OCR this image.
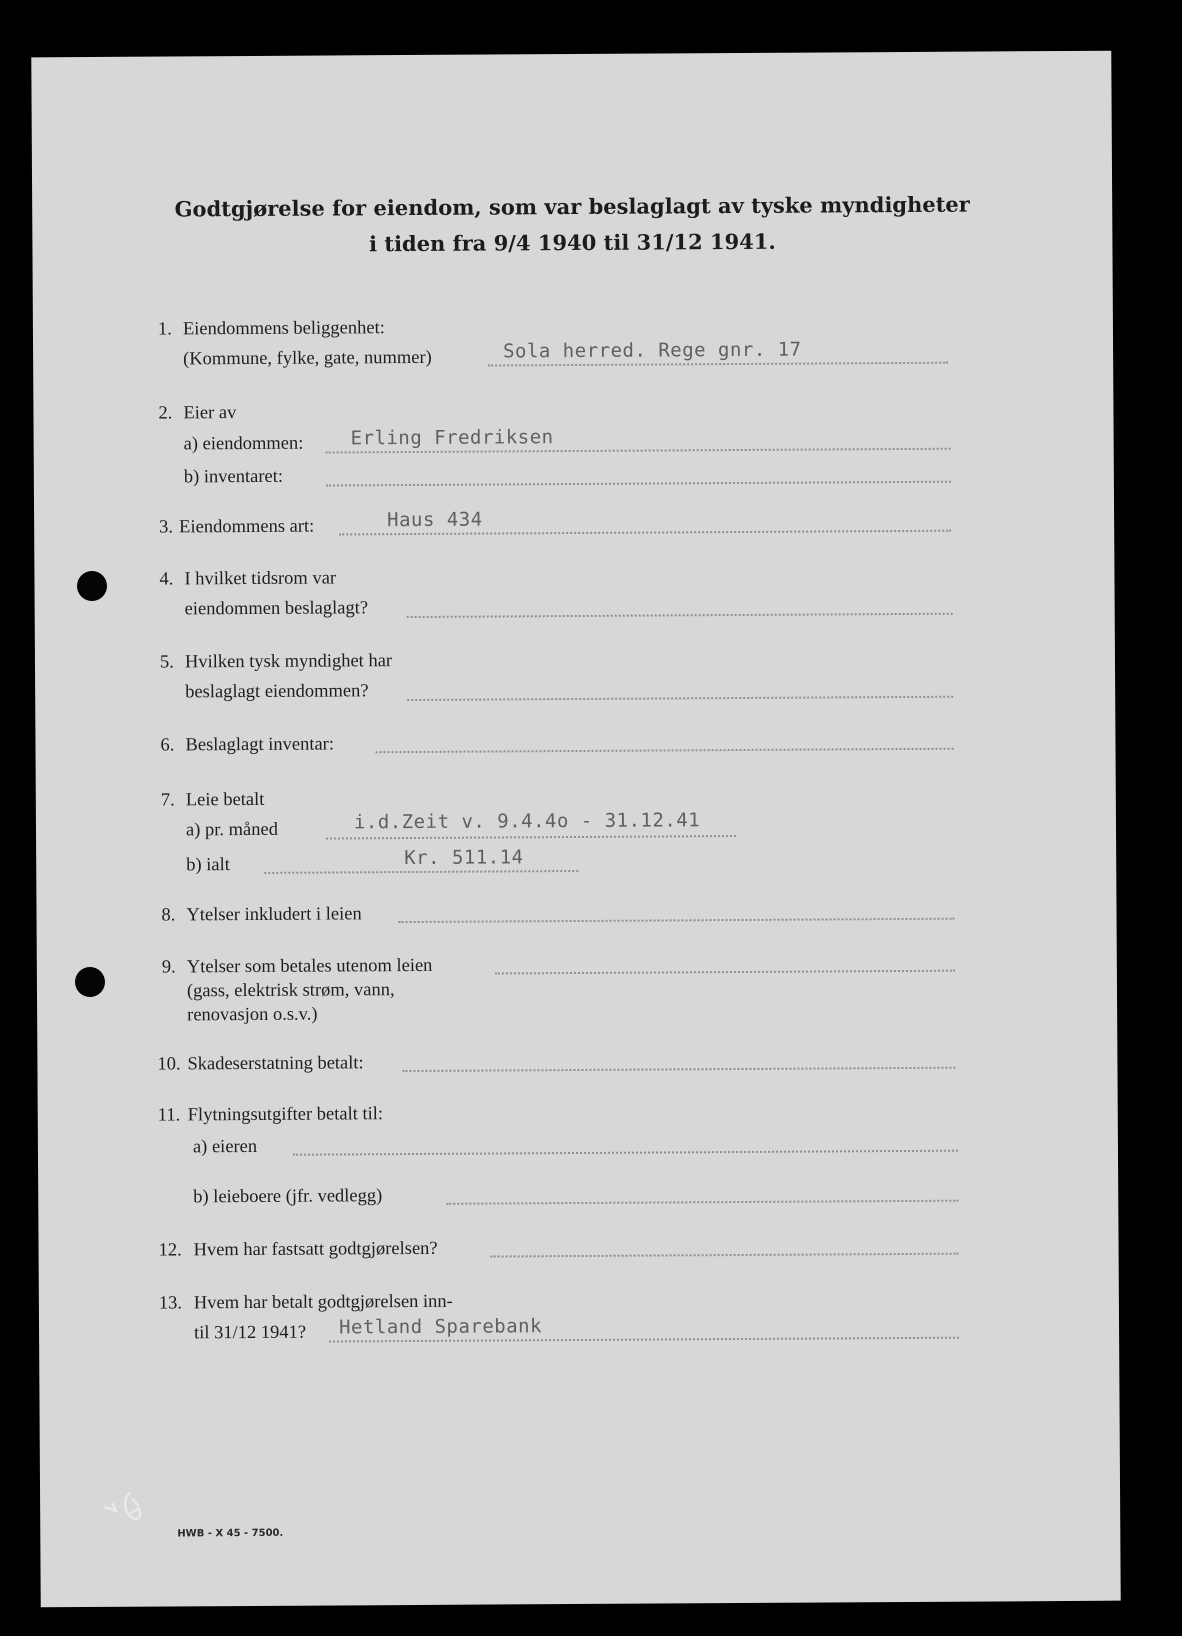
Godtgjørelse for eiendom, som var beslaglagt av tyske myndigheter
i tiden fra 9/4 1940 til 31/12 1941.
1. Eiendommens beliggenhet:
(Kommune, fylke, gate, nummer)	Sola herred. Rege gnr. 17
2. Eier av
a) eiendommen: Erling Fredriksen
b) inventaret:
3. Eiendommens art:	Haus 434
4. I hvilket tidsrom var
eiendommen beslaglagt?
5. Hvilken tysk myndighet har
beslaglagt eiendommen?
6. Beslaglagt inventar:
7. Leie betalt
a) pr. måned	i.d.Zeit v. 9.4.4o - 31.12.41
b) ialt	Kr. 511.14
8. Ytelser inkludert i leien
9. Ytelser som betales utenom leien
(gass, elektrisk strøm, vann,
renovasjon o.s.v.)
10. Skadeserstatning betalt:
11. Flytningsutgifter betalt til:
a) eieren
b) leieboere (jfr. vedlegg)
12. Hvem har fastsatt godtgjørelsen?
13. Hvem har betalt godtgjørelsen inn-
til 31/12 1941? Hetland Sparebank
HWB - X 45 - 7500.
